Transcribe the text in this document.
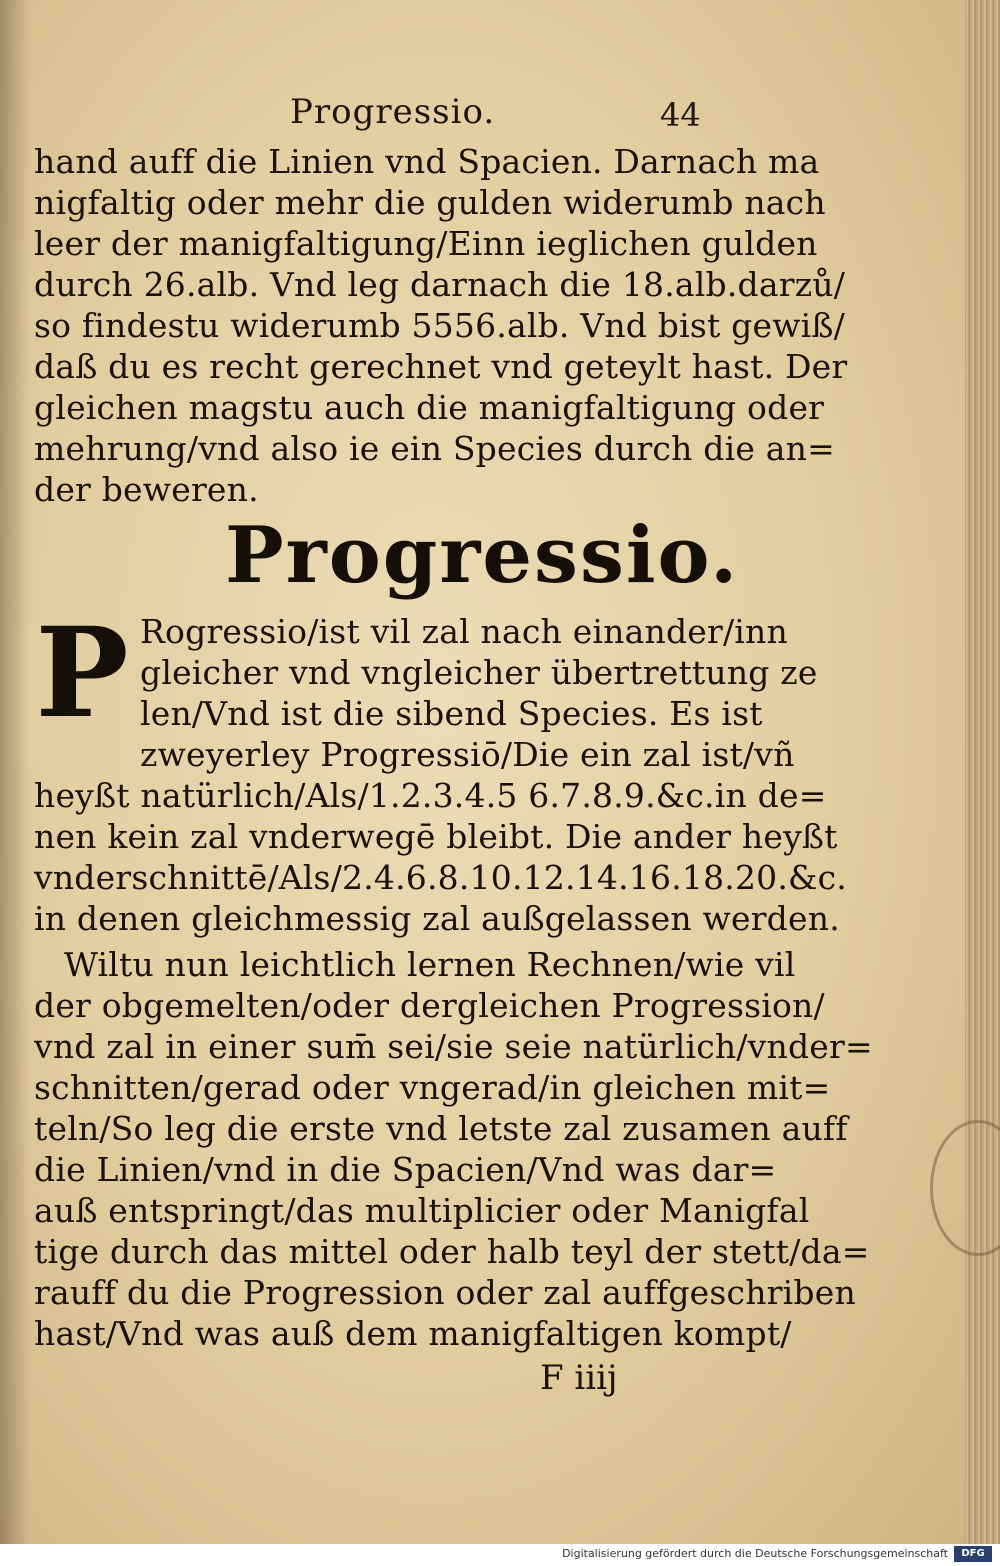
Progressio.	44
hand auff die Linien vnd Spacien. Darnach ma
nigfaltig oder mehr die gulden widerumb nach
leer der manigfaltigung/Einn ieglichen gulden
durch 26.alb. Vnd leg darnach die 18.alb.darzů/
so findestu widerumb 5556.alb. Vnd bist gewiß/
daß du es recht gerechnet vnd geteylt hast. Der
gleichen magstu auch die manigfaltigung oder
mehrung/vnd also ie ein Species durch die an=
der beweren.
Progressio.
P Rogressio/ist vil zal nach einander/inn
gleicher vnd vngleicher übertrettung ze
len/Vnd ist die sibend Species. Es ist
zweyerley Progressiō/Die ein zal ist/vñ
heyßt natürlich/Als/1.2.3.4.5 6.7.8.9.&c.in de=
nen kein zal vnderwegē bleibt. Die ander heyßt
vnderschnittē/Als/2.4.6.8.10.12.14.16.18.20.&c.
in denen gleichmessig zal außgelassen werden.
Wiltu nun leichtlich lernen Rechnen/wie vil
der obgemelten/oder dergleichen Progression/
vnd zal in einer sum̄ sei/sie seie natürlich/vnder=
schnitten/gerad oder vngerad/in gleichen mit=
teln/So leg die erste vnd letste zal zusamen auff
die Linien/vnd in die Spacien/Vnd was dar=
auß entspringt/das multiplicier oder Manigfal
tige durch das mittel oder halb teyl der stett/da=
rauff du die Progression oder zal auffgeschriben
hast/Vnd was auß dem manigfaltigen kompt/
F iiij
Digitalisierung gefördert durch die Deutsche Forschungsgemeinschaft	DFG
